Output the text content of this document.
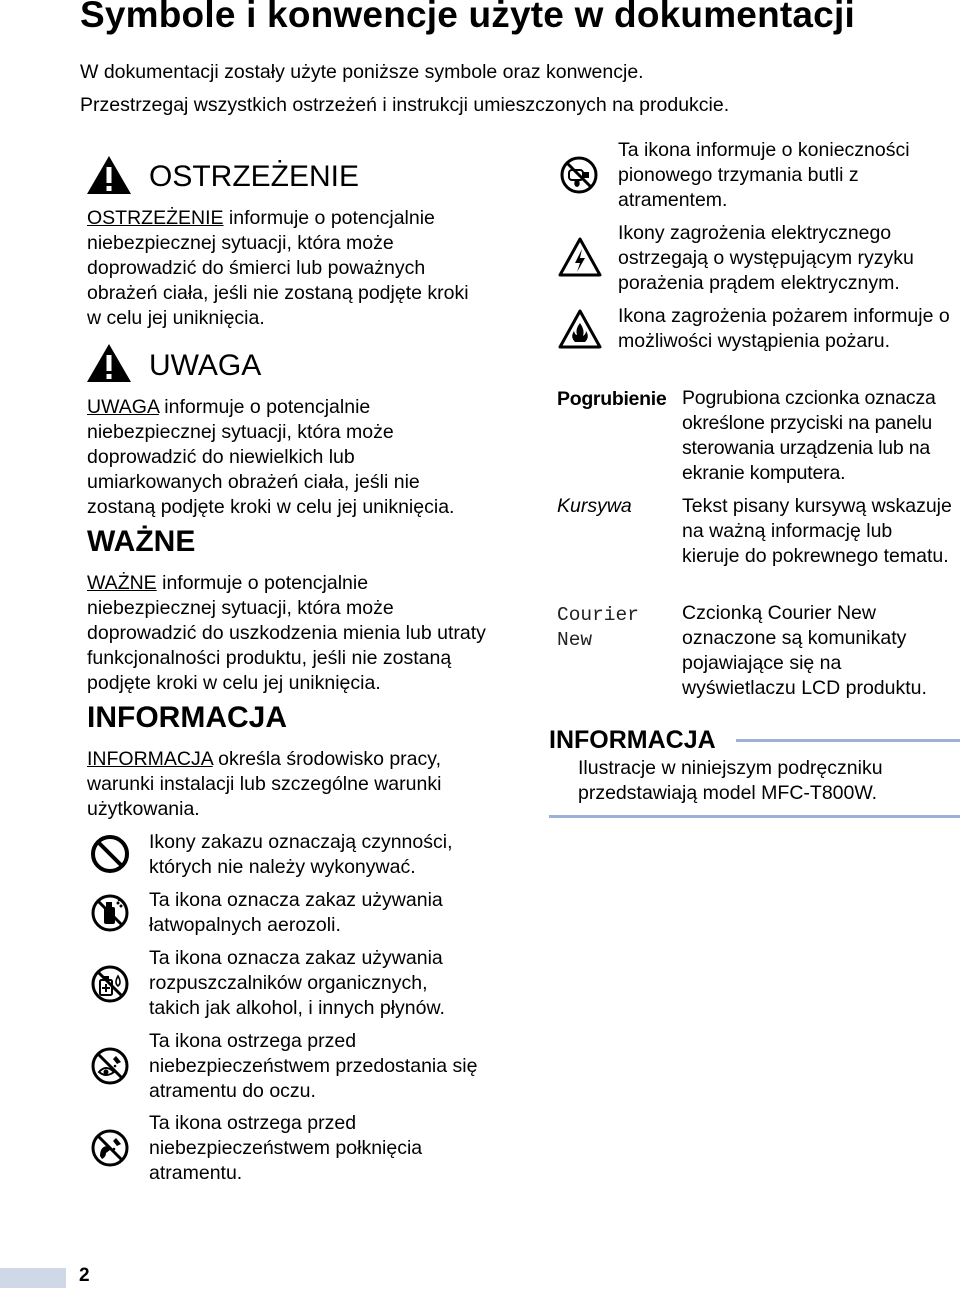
Symbole i konwencje użyte w dokumentacji
W dokumentacji zostały użyte poniższe symbole oraz konwencje.
Przestrzegaj wszystkich ostrzeżeń i instrukcji umieszczonych na produkcie.
OSTRZEŻENIE
OSTRZEŻENIE informuje o potencjalnie niebezpiecznej sytuacji, która może doprowadzić do śmierci lub poważnych obrażeń ciała, jeśli nie zostaną podjęte kroki w celu jej uniknięcia.
UWAGA
UWAGA informuje o potencjalnie niebezpiecznej sytuacji, która może doprowadzić do niewielkich lub umiarkowanych obrażeń ciała, jeśli nie zostaną podjęte kroki w celu jej uniknięcia.
WAŻNE
WAŻNE informuje o potencjalnie niebezpiecznej sytuacji, która może doprowadzić do uszkodzenia mienia lub utraty funkcjonalności produktu, jeśli nie zostaną podjęte kroki w celu jej uniknięcia.
INFORMACJA
INFORMACJA określa środowisko pracy, warunki instalacji lub szczególne warunki użytkowania.
Ikony zakazu oznaczają czynności, których nie należy wykonywać.
Ta ikona oznacza zakaz używania łatwopalnych aerozoli.
Ta ikona oznacza zakaz używania rozpuszczalników organicznych, takich jak alkohol, i innych płynów.
Ta ikona ostrzega przed niebezpieczeństwem przedostania się atramentu do oczu.
Ta ikona ostrzega przed niebezpieczeństwem połknięcia atramentu.
Ta ikona informuje o konieczności pionowego trzymania butli z atramentem.
Ikony zagrożenia elektrycznego ostrzegają o występującym ryzyku porażenia prądem elektrycznym.
Ikona zagrożenia pożarem informuje o możliwości wystąpienia pożaru.
Pogrubienie Pogrubiona czcionka oznacza określone przyciski na panelu sterowania urządzenia lub na ekranie komputera.
Kursywa	Tekst pisany kursywą wskazuje na ważną informację lub kieruje do pokrewnego tematu.
Courier New
Czcionką Courier New oznaczone są komunikaty pojawiające się na wyświetlaczu LCD produktu.
INFORMACJA
Ilustracje w niniejszym podręczniku przedstawiają model MFC-T800W.
2
